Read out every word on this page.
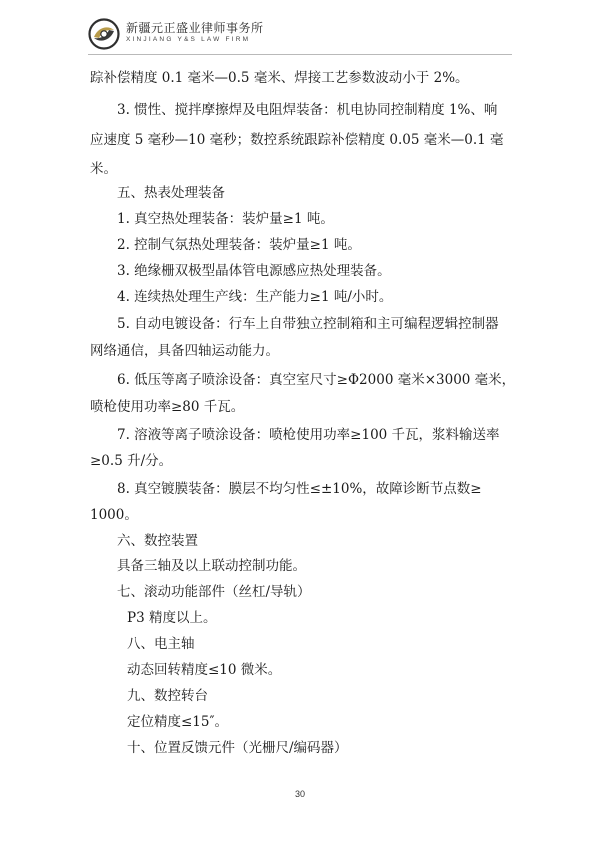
新疆元正盛业律师事务所
XINJIANG Y&S LAW FIRM
踪补偿精度 0.1 毫米—0.5 毫米、焊接工艺参数波动小于 2%。
3. 惯性、搅拌摩擦焊及电阻焊装备：机电协同控制精度 1%、响
应速度 5 毫秒—10 毫秒；数控系统跟踪补偿精度 0.05 毫米—0.1 毫
米。
五、热表处理装备
1. 真空热处理装备：装炉量≥1 吨。
2. 控制气氛热处理装备：装炉量≥1 吨。
3. 绝缘栅双极型晶体管电源感应热处理装备。
4. 连续热处理生产线：生产能力≥1 吨/小时。
5. 自动电镀设备：行车上自带独立控制箱和主可编程逻辑控制器
网络通信，具备四轴运动能力。
6. 低压等离子喷涂设备：真空室尺寸≥Φ2000 毫米×3000 毫米，
喷枪使用功率≥80 千瓦。
7. 溶液等离子喷涂设备：喷枪使用功率≥100 千瓦，浆料输送率
≥0.5 升/分。
8. 真空镀膜装备：膜层不均匀性≤±10%，故障诊断节点数≥
1000。
六、数控装置
具备三轴及以上联动控制功能。
七、滚动功能部件（丝杠/导轨）
P3 精度以上。
八、电主轴
动态回转精度≤10 微米。
九、数控转台
定位精度≤15″。
十、位置反馈元件（光栅尺/编码器）
30
